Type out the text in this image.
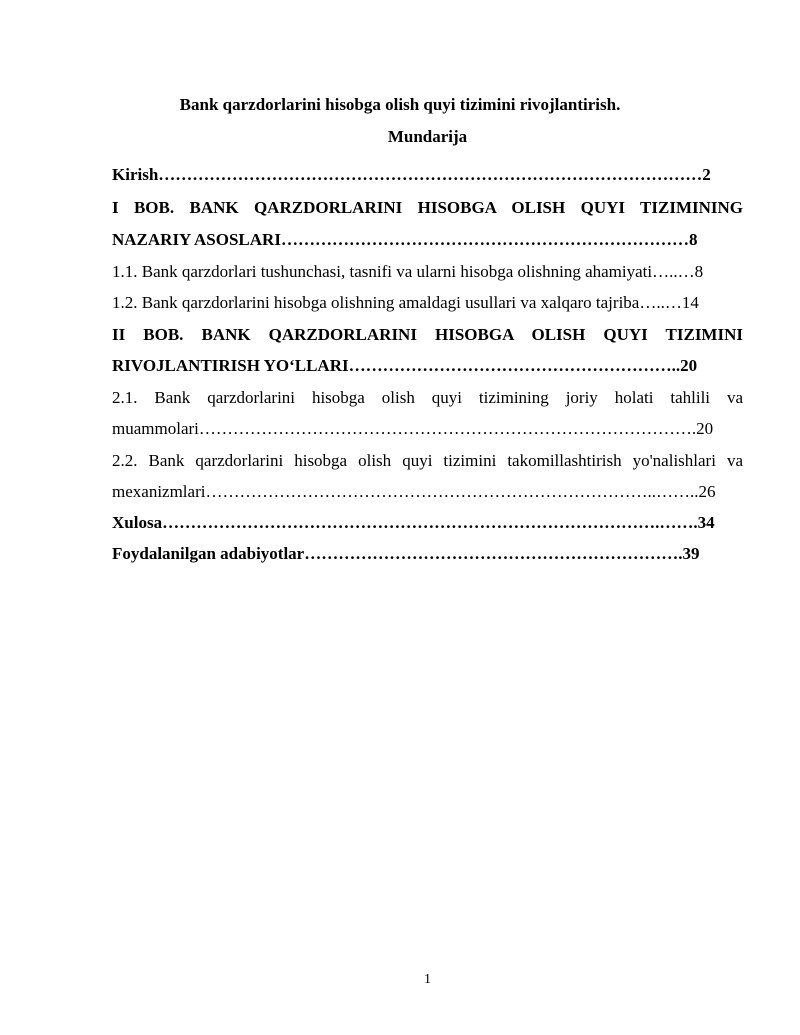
Bank qarzdorlarini hisobga olish quyi tizimini rivojlantirish.
Mundarija
Kirish……………………………………………………………………………………2
I BOB. BANK QARZDORLARINI HISOBGA OLISH QUYI TIZIMINING
NAZARIY ASOSLARI………………………………………………………………8
1.1. Bank qarzdorlari tushunchasi, tasnifi va ularni hisobga olishning ahamiyati…..…8
1.2. Bank qarzdorlarini hisobga olishning amaldagi usullari va xalqaro tajriba…..…14
II BOB. BANK QARZDORLARINI HISOBGA OLISH QUYI TIZIMINI
RIVOJLANTIRISH YO‘LLARI…………………………………………………..20
2.1. Bank qarzdorlarini hisobga olish quyi tizimining joriy holati tahlili va
muammolari…………………………………………………………………………….20
2.2. Bank qarzdorlarini hisobga olish quyi tizimini takomillashtirish yo'nalishlari va
mexanizmlari……………………………………………………………………..……..26
Xulosa…………………………………………………………………………….…….34
Foydalanilgan adabiyotlar………………………………………………………….39
1
